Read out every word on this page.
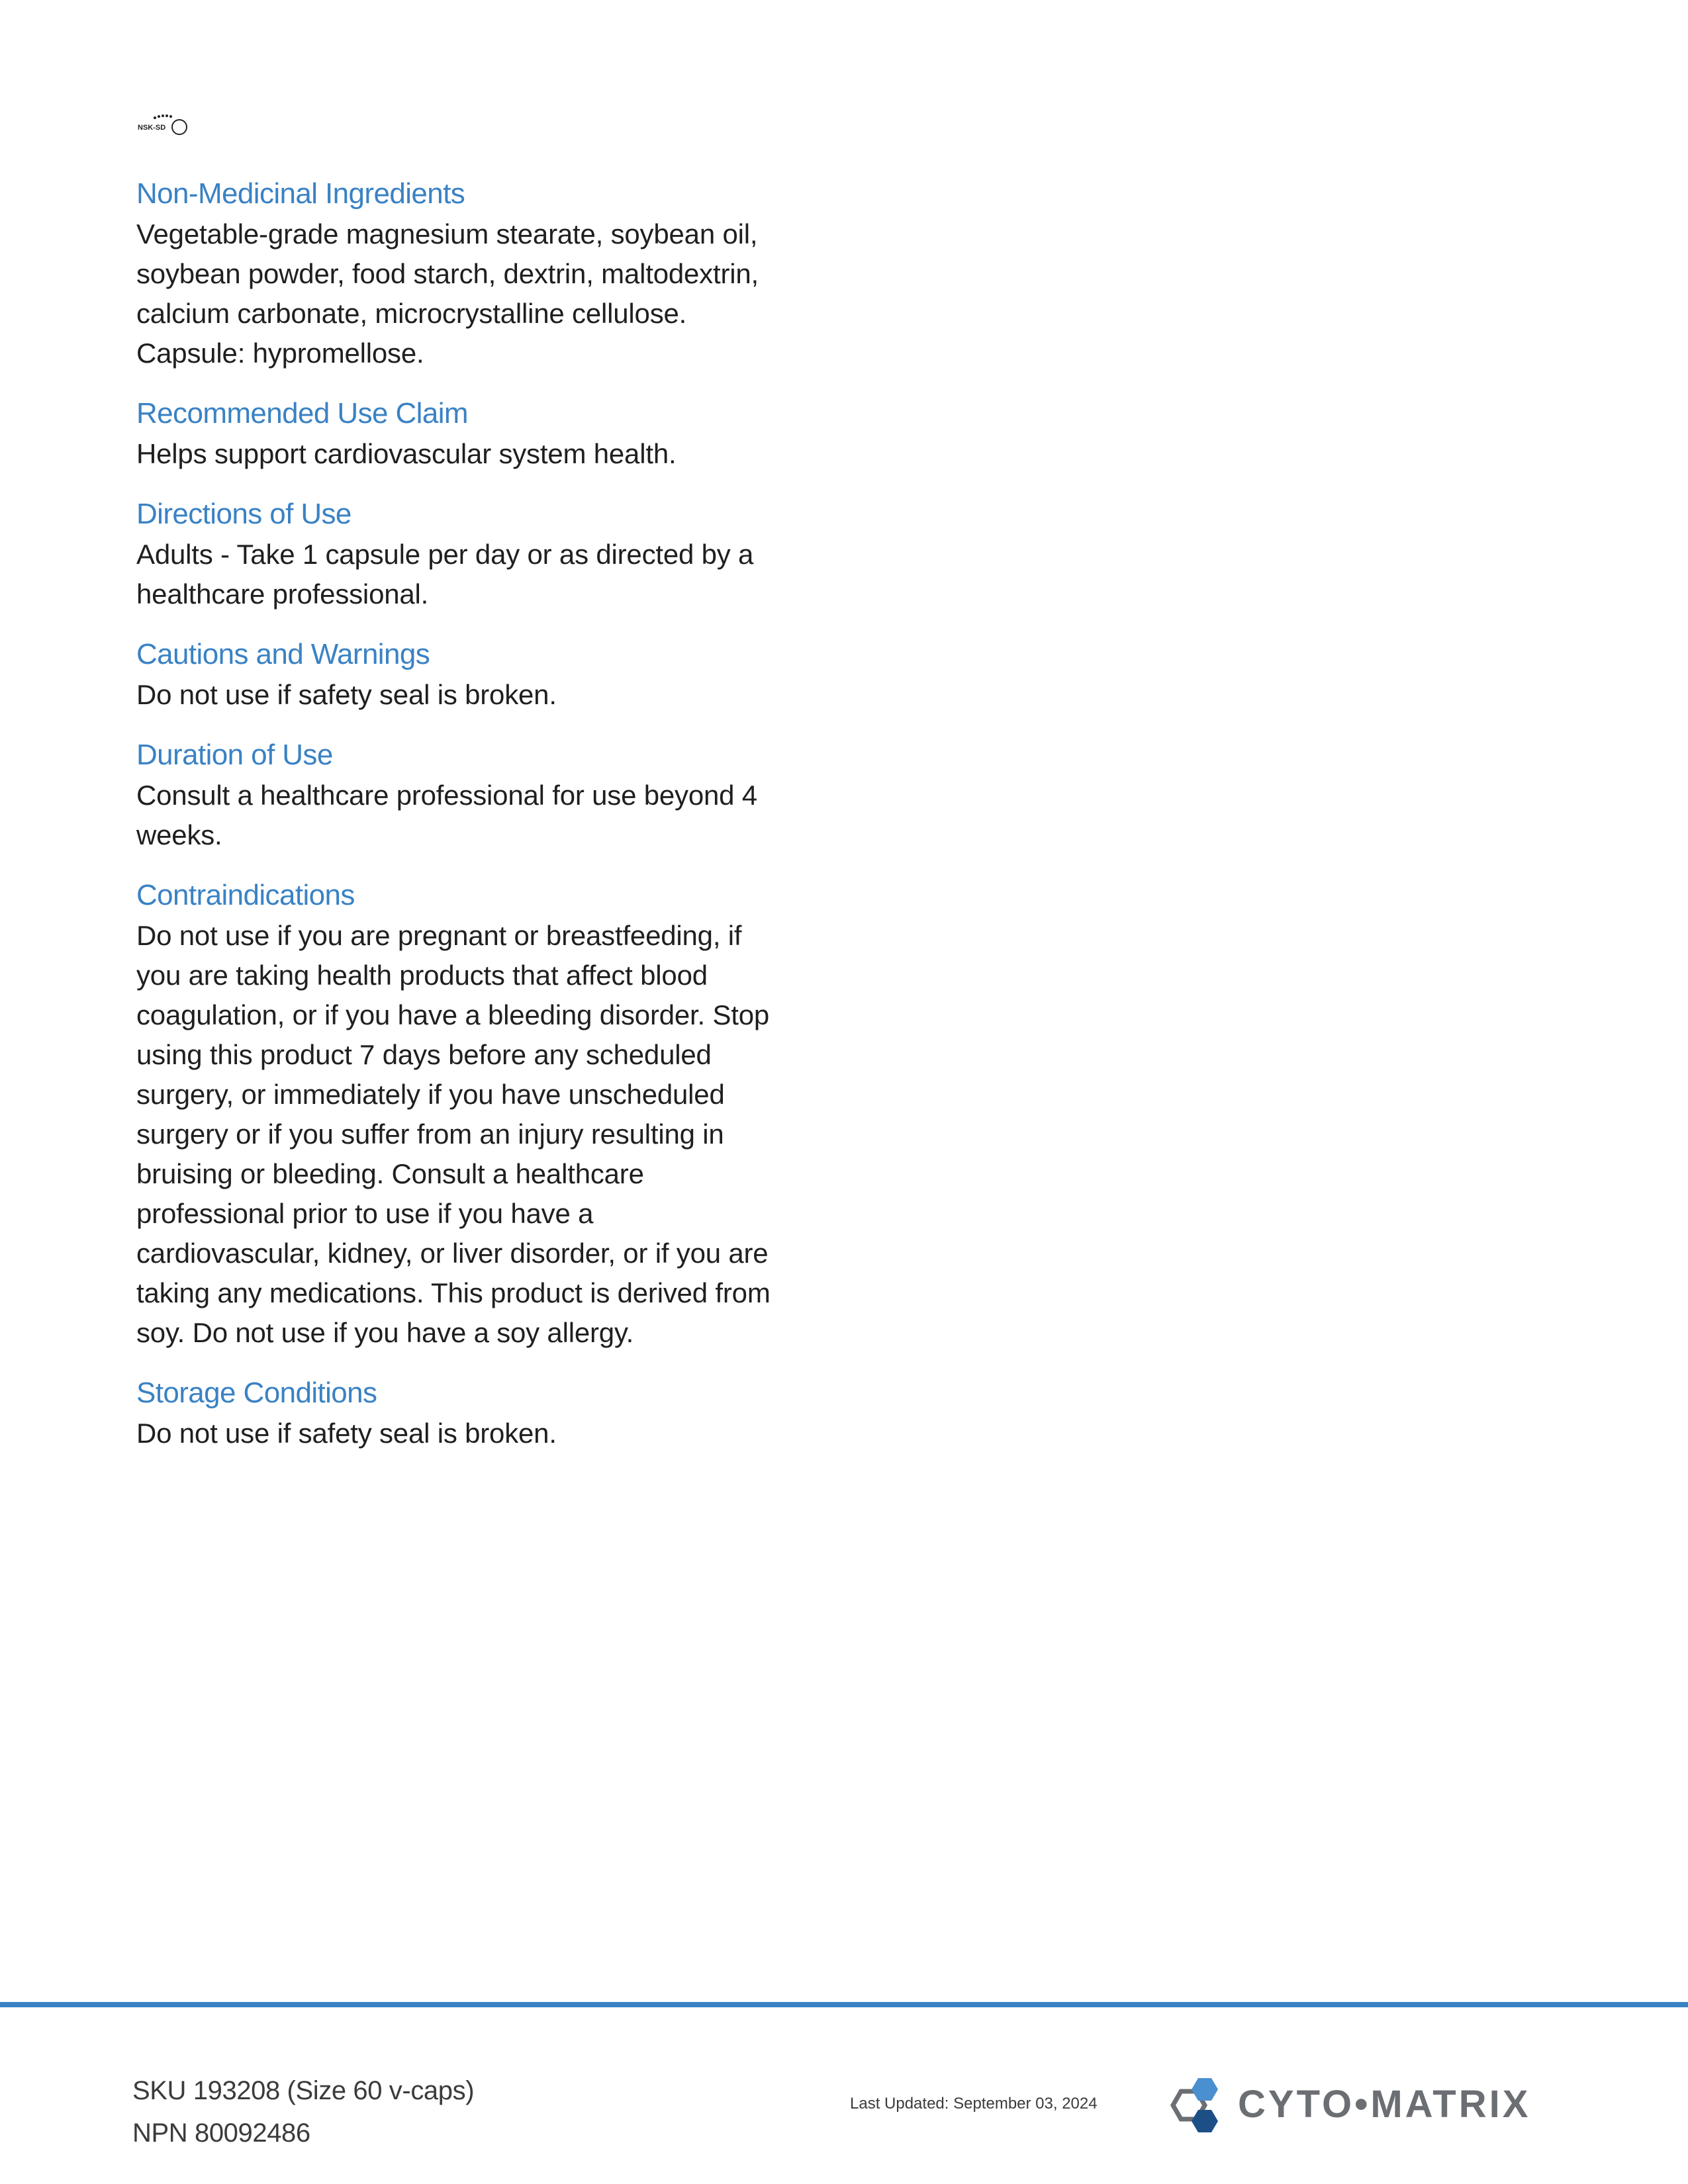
NSK-SD
Non-Medicinal Ingredients

Vegetable-grade magnesium stearate, soybean oil,
soybean powder, food starch, dextrin, maltodextrin,
calcium carbonate, microcrystalline cellulose.
Capsule: hypromellose.

Recommended Use Claim

Helps support cardiovascular system health.

Directions of Use

Adults - Take 1 capsule per day or as directed by a
healthcare professional.

Cautions and Warnings

Do not use if safety seal is broken.

Duration of Use

Consult a healthcare professional for use beyond 4
weeks.

Contraindications

Do not use if you are pregnant or breastfeeding, if
you are taking health products that affect blood
coagulation, or if you have a bleeding disorder. Stop
using this product 7 days before any scheduled
surgery, or immediately if you have unscheduled
surgery or if you suffer from an injury resulting in
bruising or bleeding. Consult a healthcare
professional prior to use if you have a
cardiovascular, kidney, or liver disorder, or if you are
taking any medications. This product is derived from
soy. Do not use if you have a soy allergy.

Storage Conditions

Do not use if safety seal is broken.

SKU 193208 (Size 60 v-caps)
NPN 80092486
Last Updated: September 03, 2024	CYTO•MATRIX
